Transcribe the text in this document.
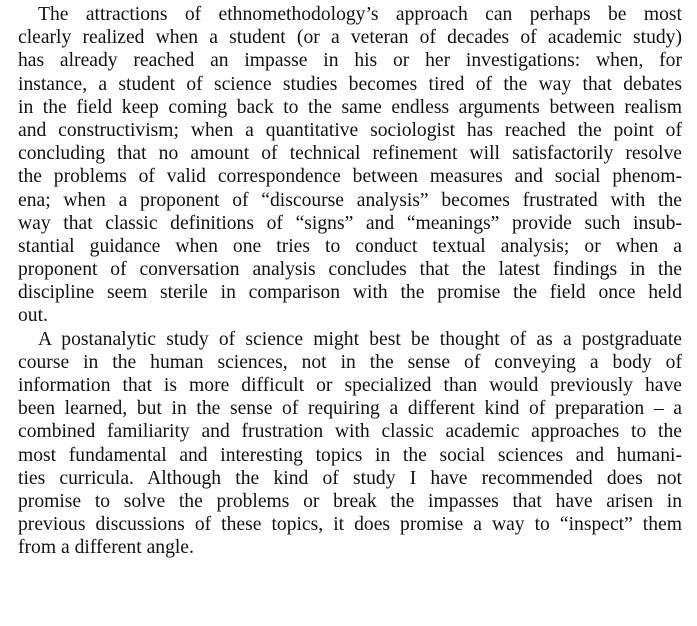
The attractions of ethnomethodology’s approach can perhaps be most
clearly realized when a student (or a veteran of decades of academic study)
has already reached an impasse in his or her investigations: when, for
instance, a student of science studies becomes tired of the way that debates
in the field keep coming back to the same endless arguments between realism
and constructivism; when a quantitative sociologist has reached the point of
concluding that no amount of technical refinement will satisfactorily resolve
the problems of valid correspondence between measures and social phenom-
ena; when a proponent of “discourse analysis” becomes frustrated with the
way that classic definitions of “signs” and “meanings” provide such insub-
stantial guidance when one tries to conduct textual analysis; or when a
proponent of conversation analysis concludes that the latest findings in the
discipline seem sterile in comparison with the promise the field once held
out.
A postanalytic study of science might best be thought of as a postgraduate
course in the human sciences, not in the sense of conveying a body of
information that is more difficult or specialized than would previously have
been learned, but in the sense of requiring a different kind of preparation – a
combined familiarity and frustration with classic academic approaches to the
most fundamental and interesting topics in the social sciences and humani-
ties curricula. Although the kind of study I have recommended does not
promise to solve the problems or break the impasses that have arisen in
previous discussions of these topics, it does promise a way to “inspect” them
from a different angle.
